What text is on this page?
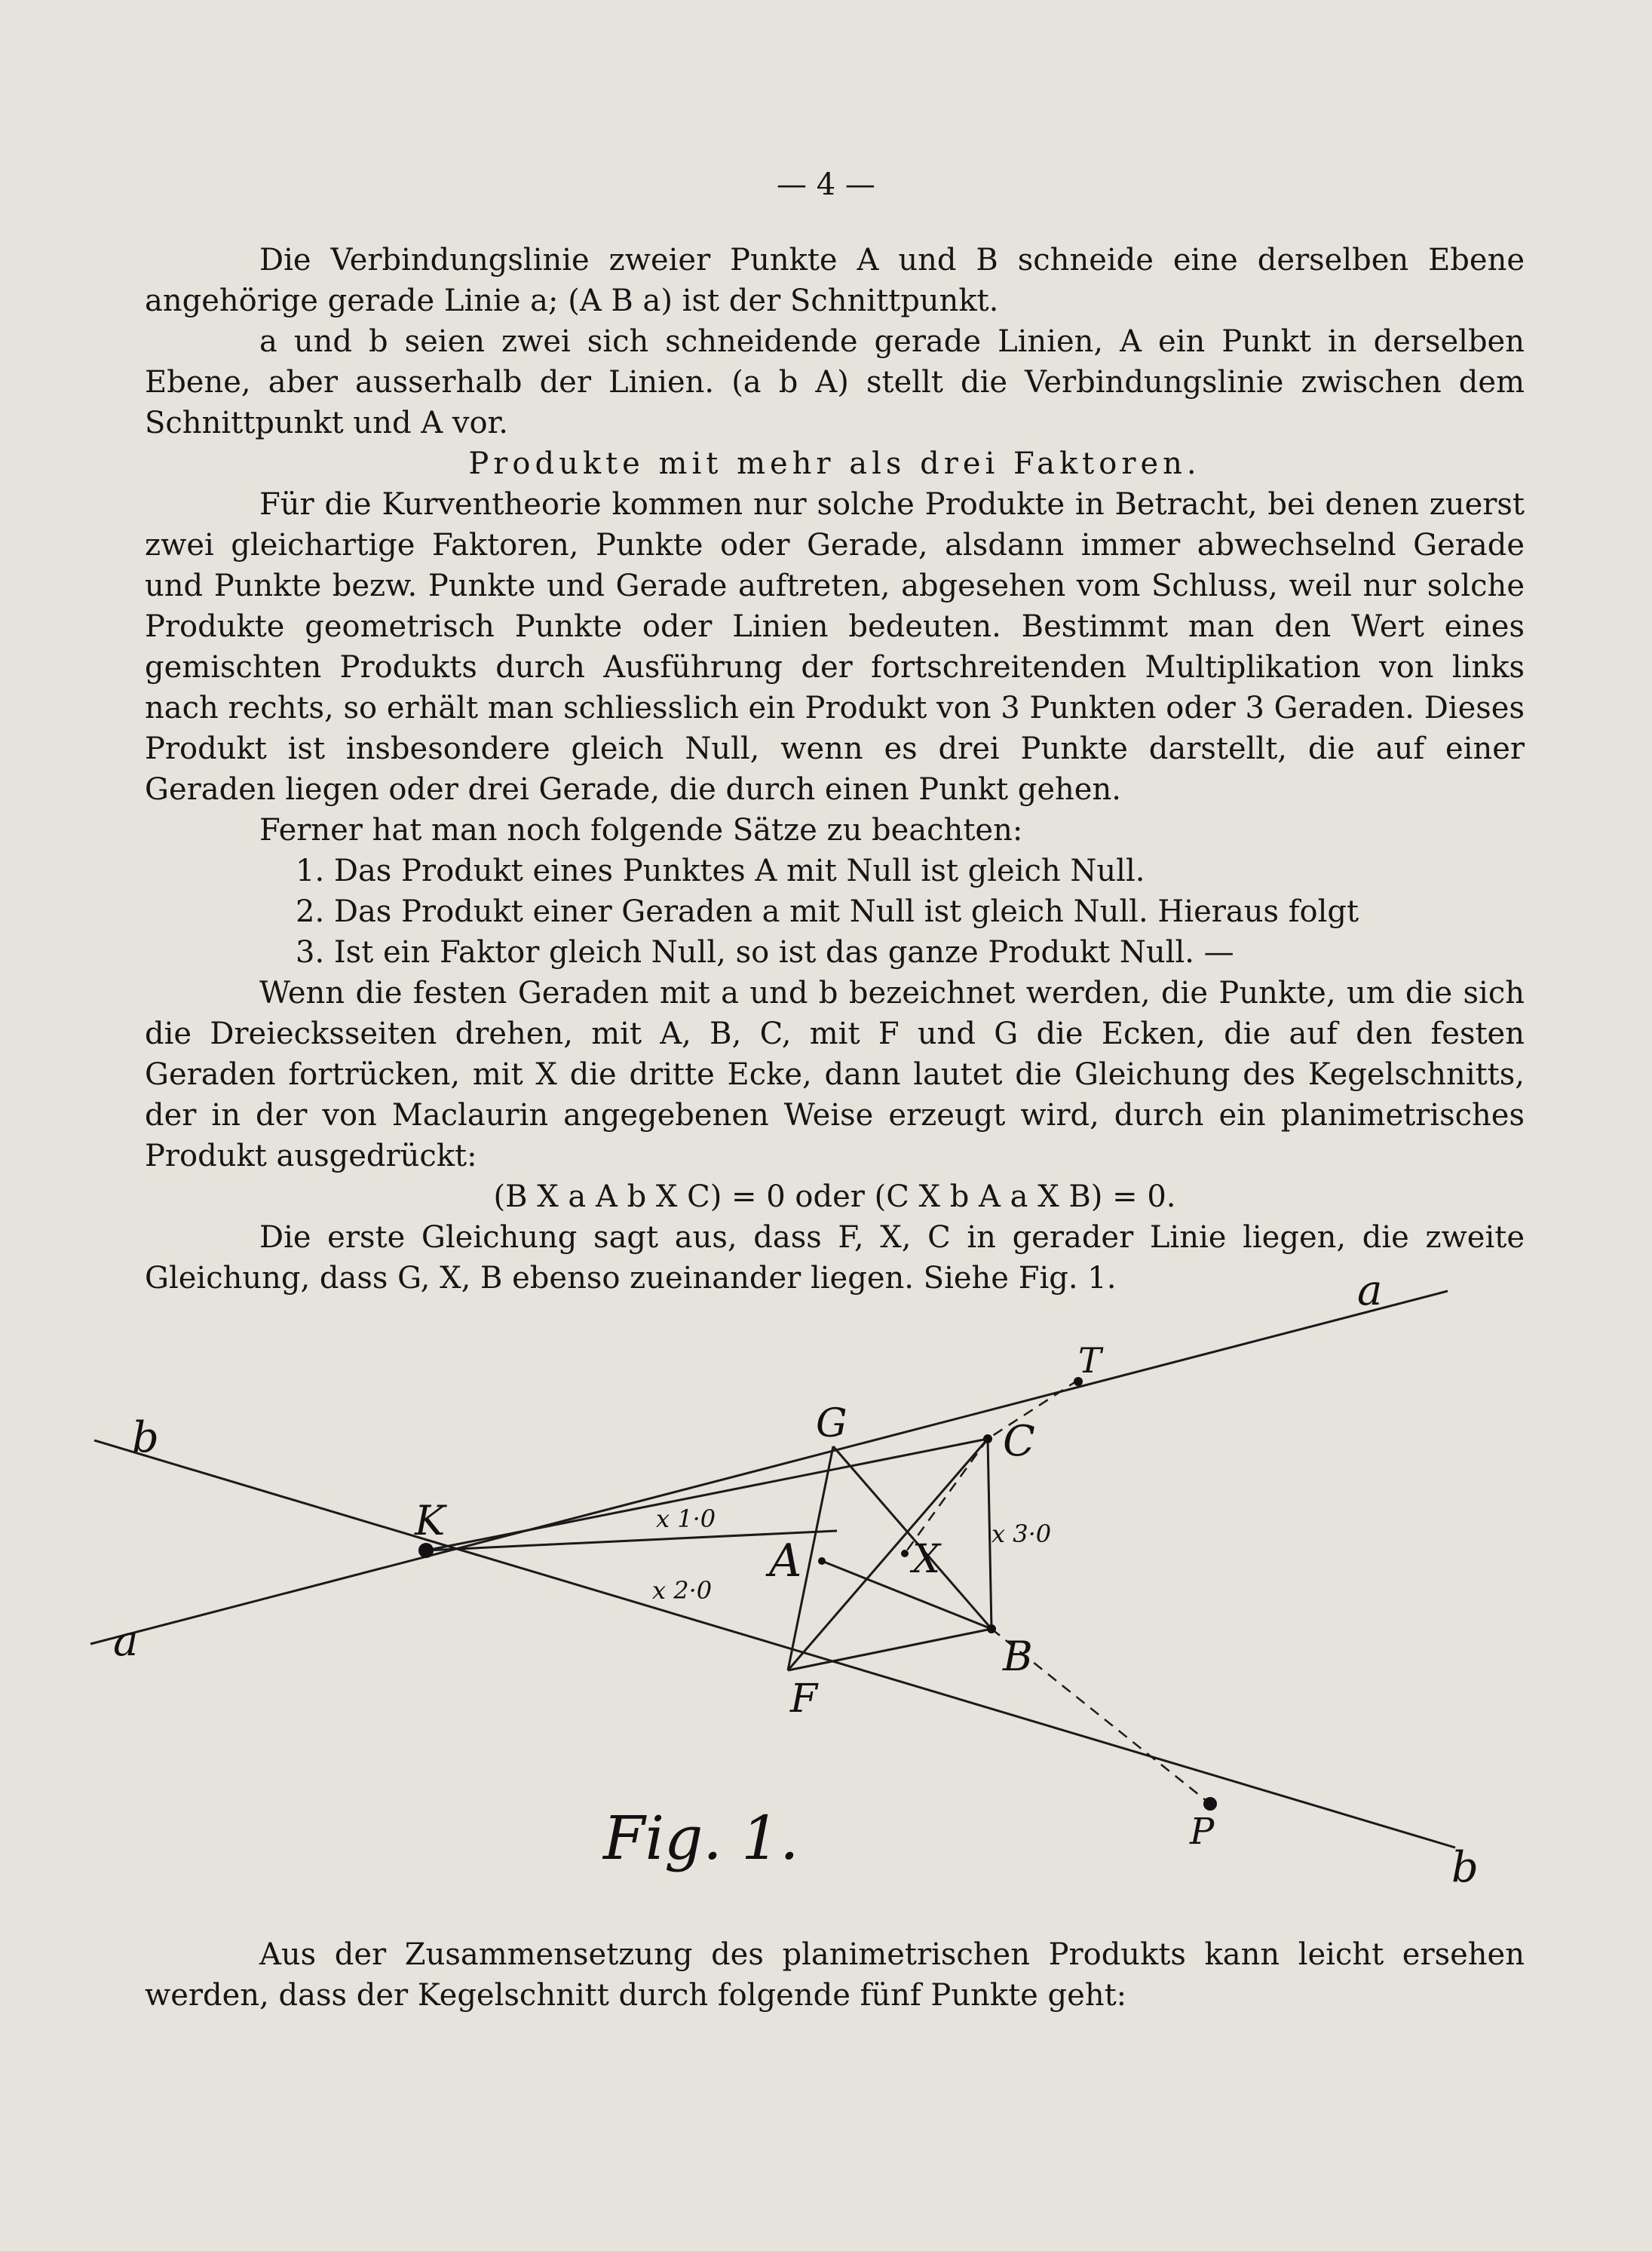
— 4 —

Die Verbindungslinie zweier Punkte A und B schneide eine derselben Ebene angehörige gerade Linie a; (A B a) ist der Schnittpunkt.

a und b seien zwei sich schneidende gerade Linien, A ein Punkt in derselben Ebene, aber ausserhalb der Linien. (a b A) stellt die Verbindungslinie zwischen dem Schnittpunkt und A vor.

Produkte mit mehr als drei Faktoren.

Für die Kurventheorie kommen nur solche Produkte in Betracht, bei denen zuerst zwei gleichartige Faktoren, Punkte oder Gerade, alsdann immer abwechselnd Gerade und Punkte bezw. Punkte und Gerade auftreten, abgesehen vom Schluss, weil nur solche Produkte geometrisch Punkte oder Linien bedeuten. Bestimmt man den Wert eines gemischten Produkts durch Ausführung der fortschreitenden Multiplikation von links nach rechts, so erhält man schliesslich ein Produkt von 3 Punkten oder 3 Geraden. Dieses Produkt ist insbesondere gleich Null, wenn es drei Punkte darstellt, die auf einer Geraden liegen oder drei Gerade, die durch einen Punkt gehen.

Ferner hat man noch folgende Sätze zu beachten:

1. Das Produkt eines Punktes A mit Null ist gleich Null.

2. Das Produkt einer Geraden a mit Null ist gleich Null. Hieraus folgt

3. Ist ein Faktor gleich Null, so ist das ganze Produkt Null. —

Wenn die festen Geraden mit a und b bezeichnet werden, die Punkte, um die sich die Dreiecksseiten drehen, mit A, B, C, mit F und G die Ecken, die auf den festen Geraden fortrücken, mit X die dritte Ecke, dann lautet die Gleichung des Kegelschnitts, der in der von Maclaurin angegebenen Weise erzeugt wird, durch ein planimetrisches Produkt ausgedrückt:

(B X a A b X C) = 0 oder (C X b A a X B) = 0.

Die erste Gleichung sagt aus, dass F, X, C in gerader Linie liegen, die zweite Gleichung, dass G, X, B ebenso zueinander liegen. Siehe Fig. 1.	a
a
b
b
K
T
G	C
A	X
B
F
P
x 1·0
x 2·0
x 3·0
Fig. 1.

Aus der Zusammensetzung des planimetrischen Produkts kann leicht ersehen werden, dass der Kegelschnitt durch folgende fünf Punkte geht:
